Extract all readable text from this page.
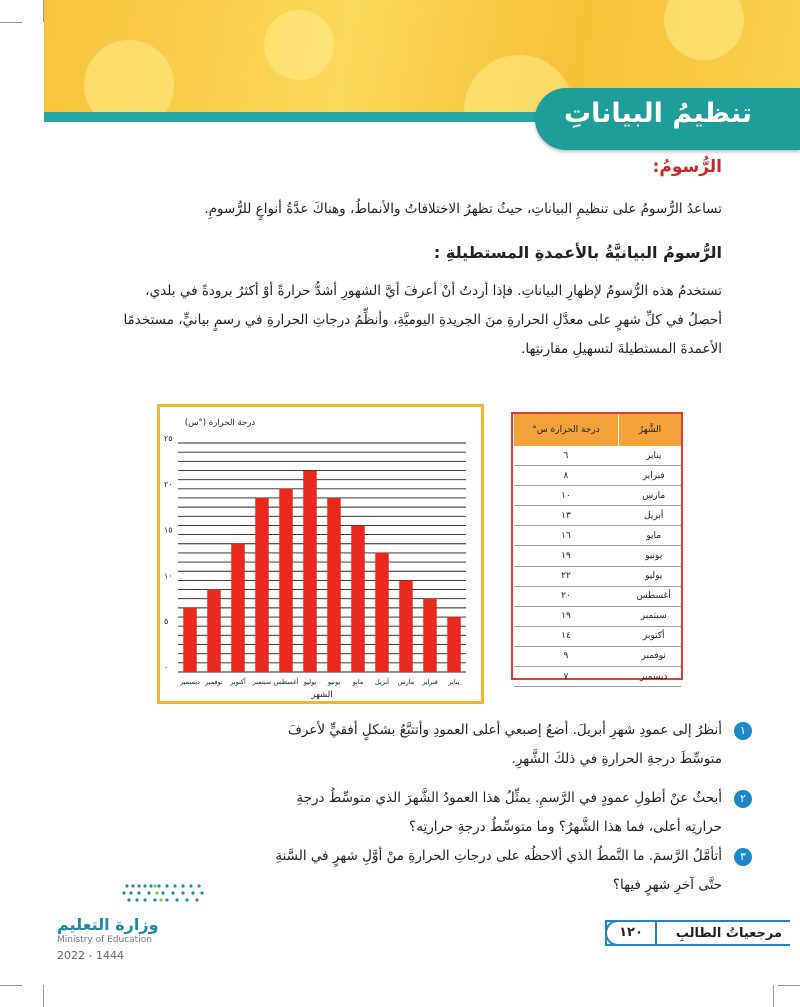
تنظيمُ البياناتِ
الرُّسومُ:
تساعدُ الرُّسومُ على تنظيمِ البياناتِ، حيثُ تظهرُ الاختلافاتُ والأنماطُ، وهناكَ عدَّةُ أنواعٍ للرُّسومِ.
الرُّسومُ البيانيَّةُ بالأعمدةِ المستطيلةِ :
تستخدمُ هذه الرُّسومُ لإظهارِ البياناتِ. فإذا أردتُ أنْ أعرفَ أيَّ الشهورِ أشدُّ حرارةً أوْ أكثرُ برودةً في بلدي،
أحصلُ في كلِّ شهرٍ على معدَّلِ الحرارةِ منَ الجريدةِ اليوميَّةِ، وأنظِّمُ درجاتِ الحرارةِ في رسمٍ بيانيٍّ، مستخدمًا
الأعمدةَ المستطيلةَ لتسهيلِ مقارنتِها.
٠
٥
١٠
١٥
٢٠
٢٥
درجة الحرارة (°س)
يناير
فبراير
مارس
أبريل
مايو
يونيو
يوليو
أغسطس
سبتمبر
أكتوبر
نوفمبر
ديسمبر
الشهر
الشَّهرُ	درجة الحرارة س°
يناير	٦
فبراير	٨
مارس	١٠
أبريل	١٣
مايو	١٦
يونيو	١٩
يوليو	٢٢
أغسطس	٢٠
سبتمبر	١٩
أكتوبر	١٤
نوفمبر	٩
ديسمبر	٧
١
أنظرُ إلى عمودِ شهرِ أبريلَ. أضعُ إصبعي أعلى العمودِ وأتتبَّعُ بشكلٍ أفقيٍّ لأعرفَ
متوسِّطَ درجةِ الحرارةِ في ذلكَ الشَّهرِ.
٢
أبحثُ عنْ أطولِ عمودٍ في الرَّسمِ. يمثِّلُ هذا العمودُ الشَّهرَ الذي متوسِّطُ درجةِ
حرارتِه أعلى، فما هذا الشَّهرُ؟ وما متوسِّطُ درجةِ حرارتِه؟
٣
أتأمَّلُ الرَّسمَ. ما النَّمطُ الذي ألاحظُه على درجاتِ الحرارةِ منْ أوَّلِ شهرٍ في السَّنةِ
حتَّى آخرِ شهرٍ فيها؟
وزارة التعليم
Ministry of Education
2022 - 1444
١٢٠	مرجعياتُ الطالبِ
